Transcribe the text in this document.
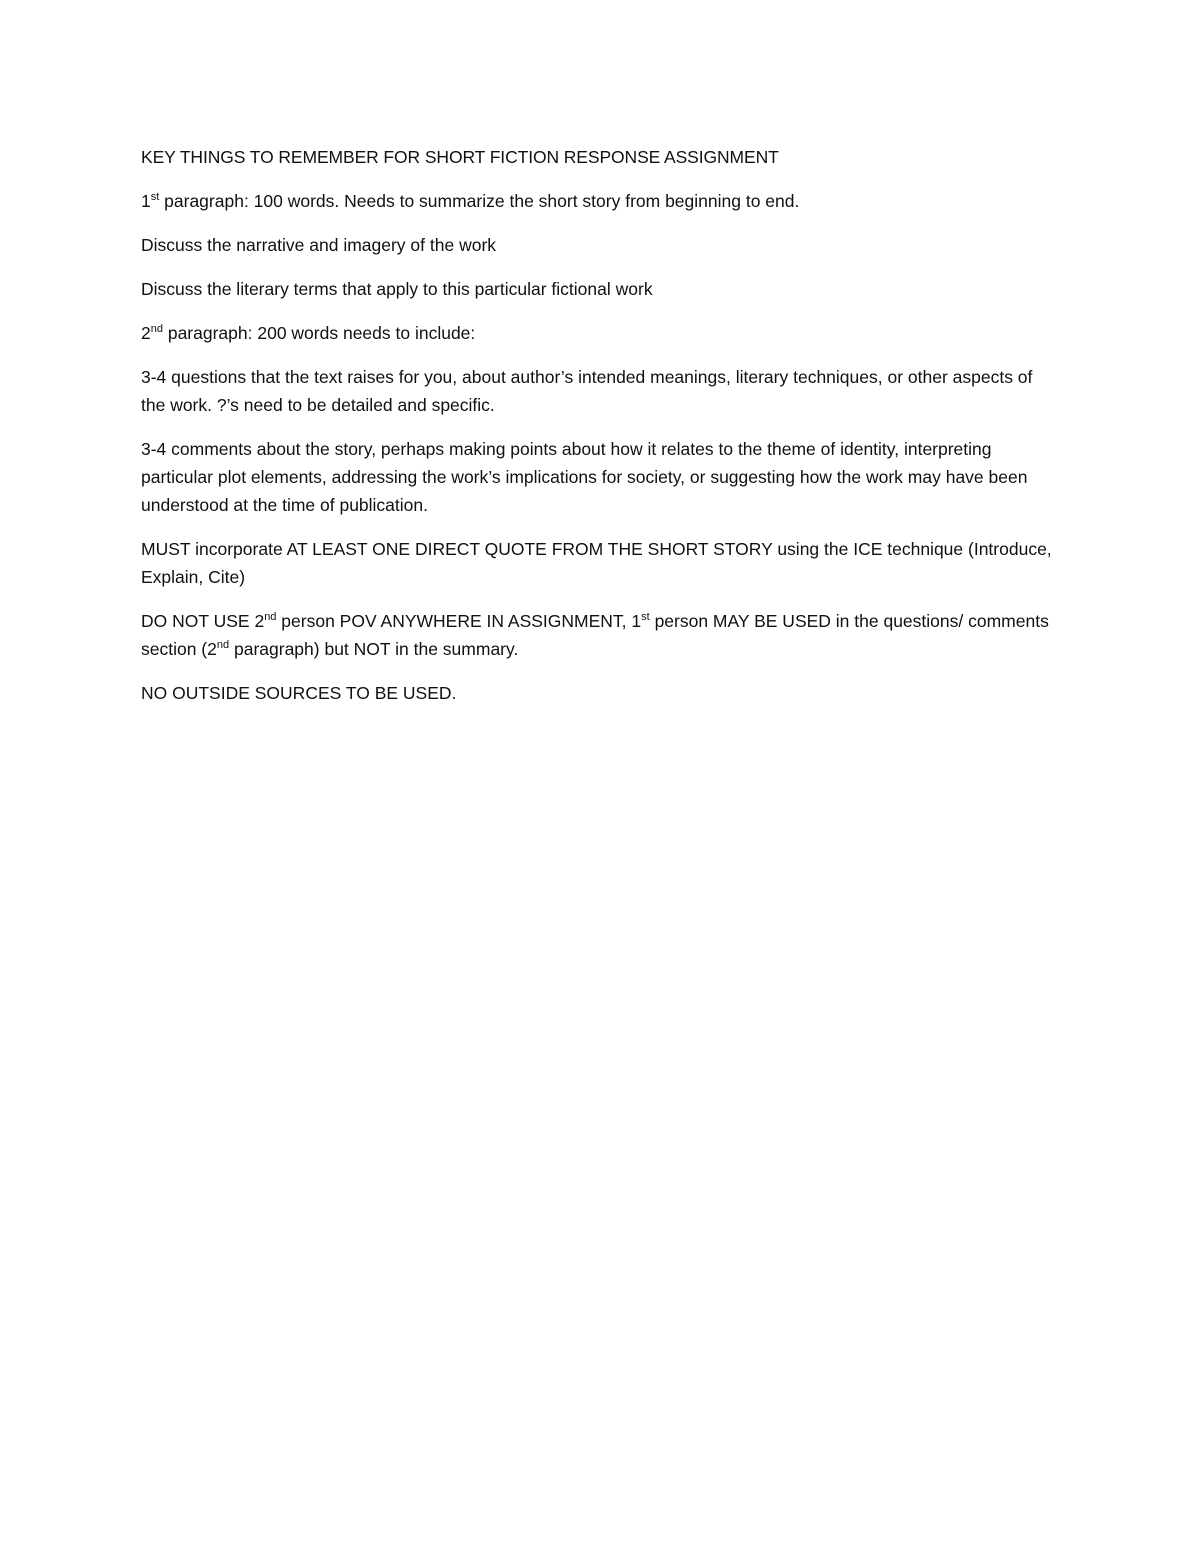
KEY THINGS TO REMEMBER FOR SHORT FICTION RESPONSE ASSIGNMENT

1st paragraph: 100 words. Needs to summarize the short story from beginning to end.

Discuss the narrative and imagery of the work

Discuss the literary terms that apply to this particular fictional work

2nd paragraph: 200 words needs to include:

3-4 questions that the text raises for you, about author’s intended meanings, literary techniques, or other aspects of the work. ?’s need to be detailed and specific.

3-4 comments about the story, perhaps making points about how it relates to the theme of identity, interpreting particular plot elements, addressing the work’s implications for society, or suggesting how the work may have been understood at the time of publication.

MUST incorporate AT LEAST ONE DIRECT QUOTE FROM THE SHORT STORY using the ICE technique (Introduce, Explain, Cite)

DO NOT USE 2nd person POV ANYWHERE IN ASSIGNMENT, 1st person MAY BE USED in the questions/ comments section (2nd paragraph) but NOT in the summary.

NO OUTSIDE SOURCES TO BE USED.
